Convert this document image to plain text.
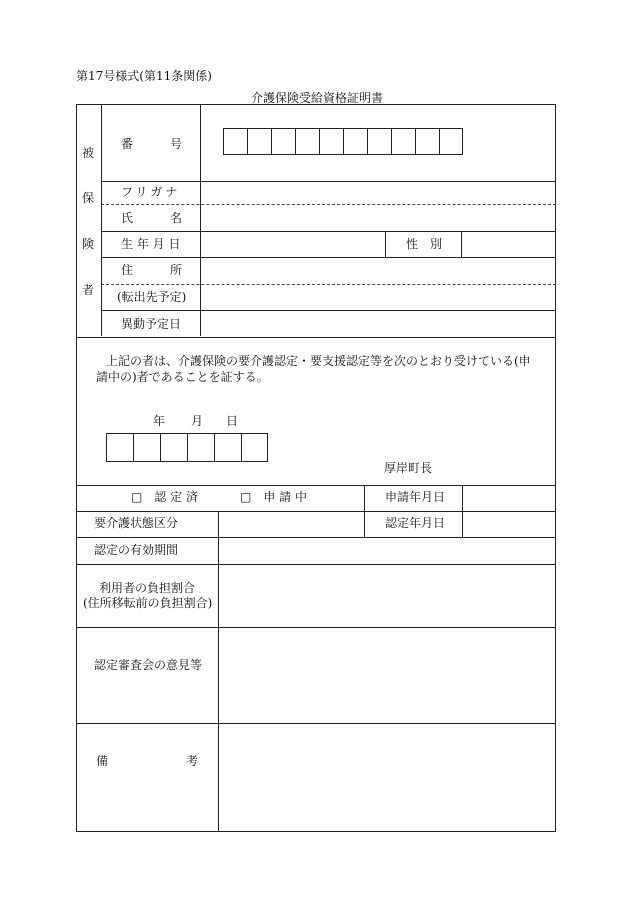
第17号様式(第11条関係)
介護保険受給資格証明書
被
保
険
者
番	号
フリガナ
氏	名
生 年 月 日	性　別
住	所
(転出先予定)
異動予定日
上記の者は、介護保険の要介護認定・要支援認定等を次のとおり受けている(申
請中の)者であることを証する。
年 月 日
厚岸町長
□　認 定 済	□　申 請 中	申請年月日
要介護状態区分	認定年月日
認定の有効期間
利用者の負担割合
(住所移転前の負担割合)
認定審査会の意見等
備	考
